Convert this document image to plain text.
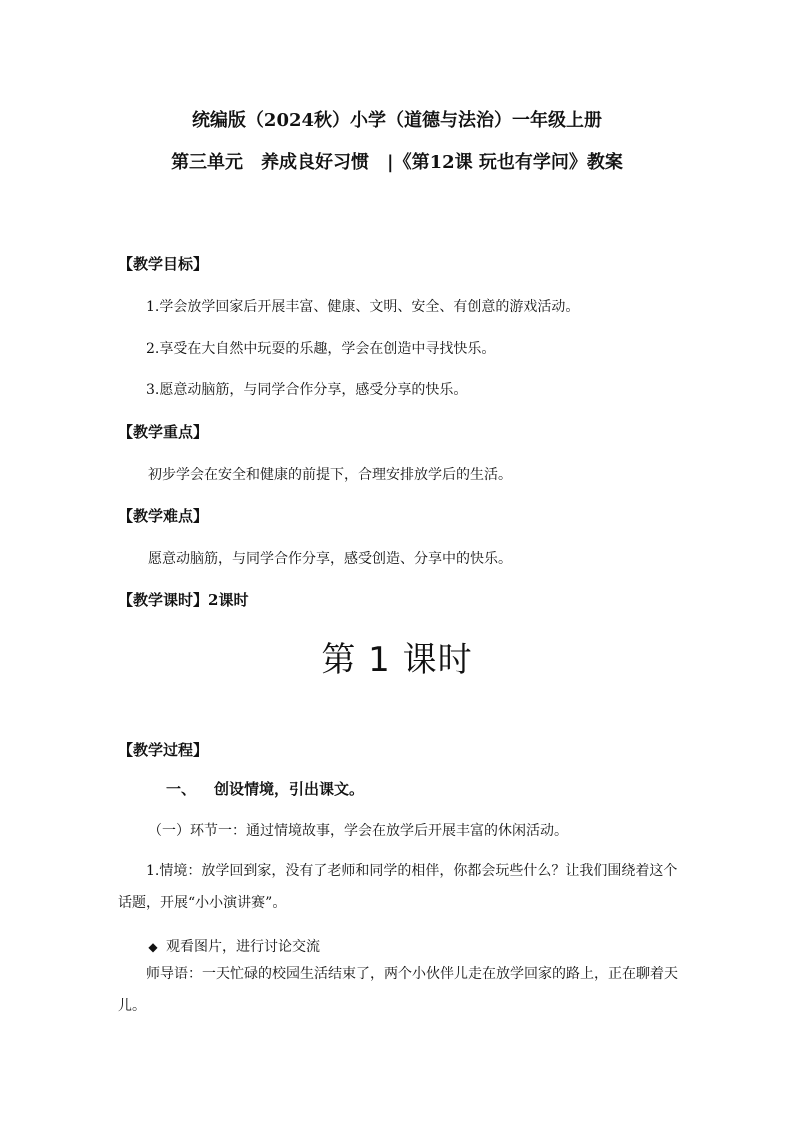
统编版（2024秋）小学（道德与法治）一年级上册
第三单元　养成良好习惯　|《第12课 玩也有学问》教案
【教学目标】
1.学会放学回家后开展丰富、健康、文明、安全、有创意的游戏活动。
2.享受在大自然中玩耍的乐趣，学会在创造中寻找快乐。
3.愿意动脑筋，与同学合作分享，感受分享的快乐。
【教学重点】
初步学会在安全和健康的前提下，合理安排放学后的生活。
【教学难点】
愿意动脑筋，与同学合作分享，感受创造、分享中的快乐。
【教学课时】2课时
第 1 课时
【教学过程】
一、 创设情境，引出课文。
（一）环节一：通过情境故事，学会在放学后开展丰富的休闲活动。
1.情境：放学回到家，没有了老师和同学的相伴，你都会玩些什么？让我们围绕着这个话题，开展“小小演讲赛”。
◆ 观看图片，进行讨论交流
师导语：一天忙碌的校园生活结束了，两个小伙伴儿走在放学回家的路上，正在聊着天儿。
